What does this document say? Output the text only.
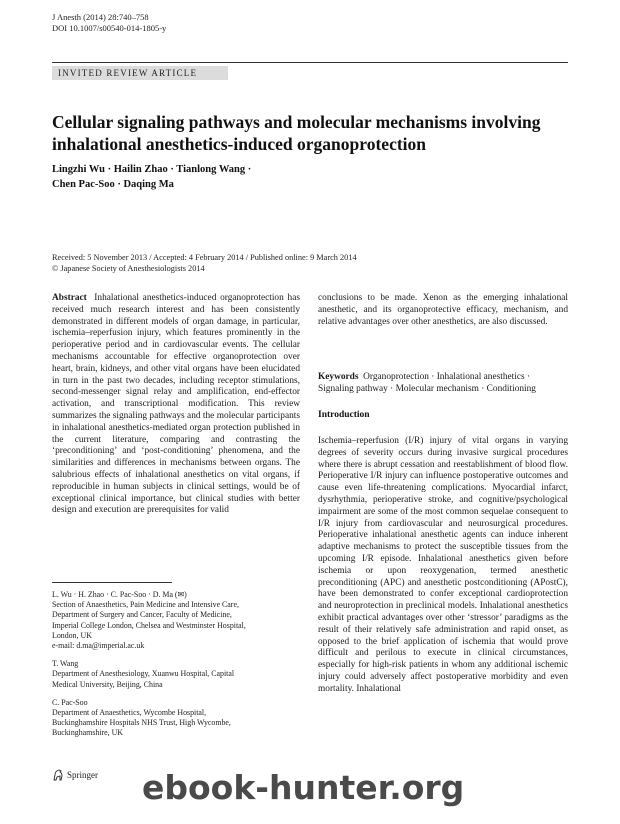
J Anesth (2014) 28:740–758
DOI 10.1007/s00540-014-1805-y
INVITED REVIEW ARTICLE
Cellular signaling pathways and molecular mechanisms involving inhalational anesthetics-induced organoprotection
Lingzhi Wu · Hailin Zhao · Tianlong Wang ·
Chen Pac-Soo · Daqing Ma
Received: 5 November 2013 / Accepted: 4 February 2014 / Published online: 9 March 2014
© Japanese Society of Anesthesiologists 2014

Abstract Inhalational anesthetics-induced organoprotection has received much research interest and has been consistently demonstrated in different models of organ damage, in particular, ischemia–reperfusion injury, which features prominently in the perioperative period and in cardiovascular events. The cellular mechanisms accountable for effective organoprotection over heart, brain, kidneys, and other vital organs have been elucidated in turn in the past two decades, including receptor stimulations, second-messenger signal relay and amplification, end-effector activation, and transcriptional modification. This review summarizes the signaling pathways and the molecular participants in inhalational anesthetics-mediated organ protection published in the current literature, comparing and contrasting the ‘preconditioning’ and ‘post-conditioning’ phenomena, and the similarities and differences in mechanisms between organs. The salubrious effects of inhalational anesthetics on vital organs, if reproducible in human subjects in clinical settings, would be of exceptional clinical importance, but clinical studies with better design and execution are prerequisites for valid

conclusions to be made. Xenon as the emerging inhalational anesthetic, and its organoprotective efficacy, mechanism, and relative advantages over other anesthetics, are also discussed.

Keywords Organoprotection · Inhalational anesthetics · Signaling pathway · Molecular mechanism · Conditioning

Introduction

Ischemia–reperfusion (I/R) injury of vital organs in varying degrees of severity occurs during invasive surgical procedures where there is abrupt cessation and reestablishment of blood flow. Perioperative I/R injury can influence postoperative outcomes and cause even life-threatening complications. Myocardial infarct, dysrhythmia, perioperative stroke, and cognitive/psychological impairment are some of the most common sequelae consequent to I/R injury from cardiovascular and neurosurgical procedures. Perioperative inhalational anesthetic agents can induce inherent adaptive mechanisms to protect the susceptible tissues from the upcoming I/R episode. Inhalational anesthetics given before ischemia or upon reoxygenation, termed anesthetic preconditioning (APC) and anesthetic postconditioning (APostC), have been demonstrated to confer exceptional cardioprotection and neuroprotection in preclinical models. Inhalational anesthetics exhibit practical advantages over other ‘stressor’ paradigms as the result of their relatively safe administration and rapid onset, as opposed to the brief application of ischemia that would prove difficult and perilous to execute in clinical circumstances, especially for high-risk patients in whom any additional ischemic injury could adversely affect postoperative morbidity and even mortality. Inhalational

L. Wu · H. Zhao · C. Pac-Soo · D. Ma (✉)
Section of Anaesthetics, Pain Medicine and Intensive Care,
Department of Surgery and Cancer, Faculty of Medicine,
Imperial College London, Chelsea and Westminster Hospital,
London, UK
e-mail: d.ma@imperial.ac.uk

T. Wang
Department of Anesthesiology, Xuanwu Hospital, Capital
Medical University, Beijing, China

C. Pac-Soo
Department of Anaesthetics, Wycombe Hospital,
Buckinghamshire Hospitals NHS Trust, High Wycombe,
Buckinghamshire, UK

Springer ebook-hunter.org
